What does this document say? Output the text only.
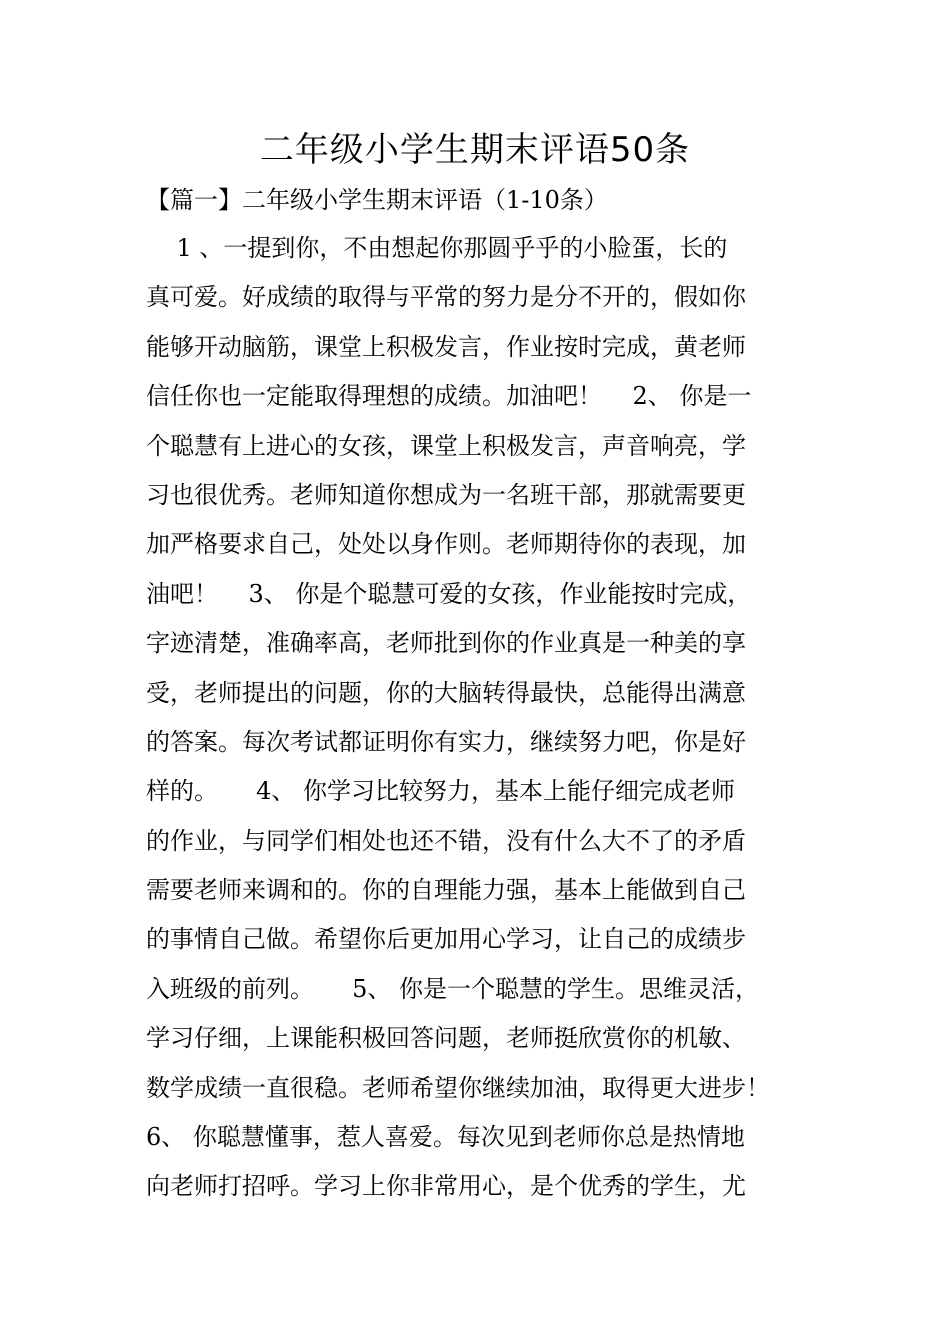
二年级小学生期末评语50条
【篇一】二年级小学生期末评语（1-10条）
1 、一提到你，不由想起你那圆乎乎的小脸蛋，长的
真可爱。好成绩的取得与平常的努力是分不开的，假如你
能够开动脑筋，课堂上积极发言，作业按时完成，黄老师
信任你也一定能取得理想的成绩。加油吧！    2、 你是一
个聪慧有上进心的女孩，课堂上积极发言，声音响亮，学
习也很优秀。老师知道你想成为一名班干部，那就需要更
加严格要求自己，处处以身作则。老师期待你的表现，加
油吧！    3、 你是个聪慧可爱的女孩，作业能按时完成，
字迹清楚，准确率高，老师批到你的作业真是一种美的享
受，老师提出的问题，你的大脑转得最快，总能得出满意
的答案。每次考试都证明你有实力，继续努力吧，你是好
样的。     4、 你学习比较努力，基本上能仔细完成老师
的作业，与同学们相处也还不错，没有什么大不了的矛盾
需要老师来调和的。你的自理能力强，基本上能做到自己
的事情自己做。希望你后更加用心学习，让自己的成绩步
入班级的前列。     5、 你是一个聪慧的学生。思维灵活，
学习仔细，上课能积极回答问题，老师挺欣赏你的机敏、
数学成绩一直很稳。老师希望你继续加油，取得更大进步！
6、 你聪慧懂事，惹人喜爱。每次见到老师你总是热情地
向老师打招呼。学习上你非常用心，是个优秀的学生，尤
